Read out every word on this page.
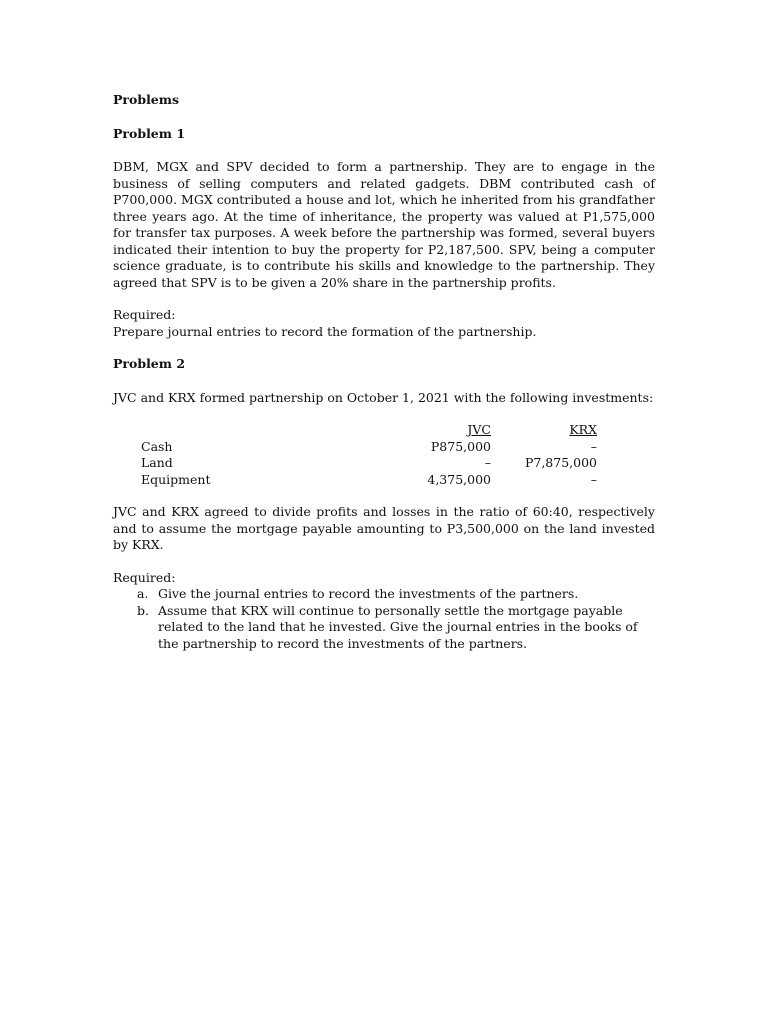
Problems
Problem 1

DBM, MGX and SPV decided to form a partnership. They are to engage in the business of selling computers and related gadgets. DBM contributed cash of P700,000. MGX contributed a house and lot, which he inherited from his grandfather three years ago. At the time of inheritance, the property was valued at P1,575,000 for transfer tax purposes. A week before the partnership was formed, several buyers indicated their intention to buy the property for P2,187,500. SPV, being a computer science graduate, is to contribute his skills and knowledge to the partnership. They agreed that SPV is to be given a 20% share in the partnership profits.

Required:
Prepare journal entries to record the formation of the partnership.
Problem 2
JVC and KRX formed partnership on October 1, 2021 with the following investments:
	JVC	KRX
Cash	P875,000	–
Land	–	P7,875,000
Equipment	4,375,000	–

JVC and KRX agreed to divide profits and losses in the ratio of 60:40, respectively and to assume the mortgage payable amounting to P3,500,000 on the land invested by KRX.

Required:
a. Give the journal entries to record the investments of the partners.
b. Assume that KRX will continue to personally settle the mortgage payable related to the land that he invested. Give the journal entries in the books of the partnership to record the investments of the partners.
